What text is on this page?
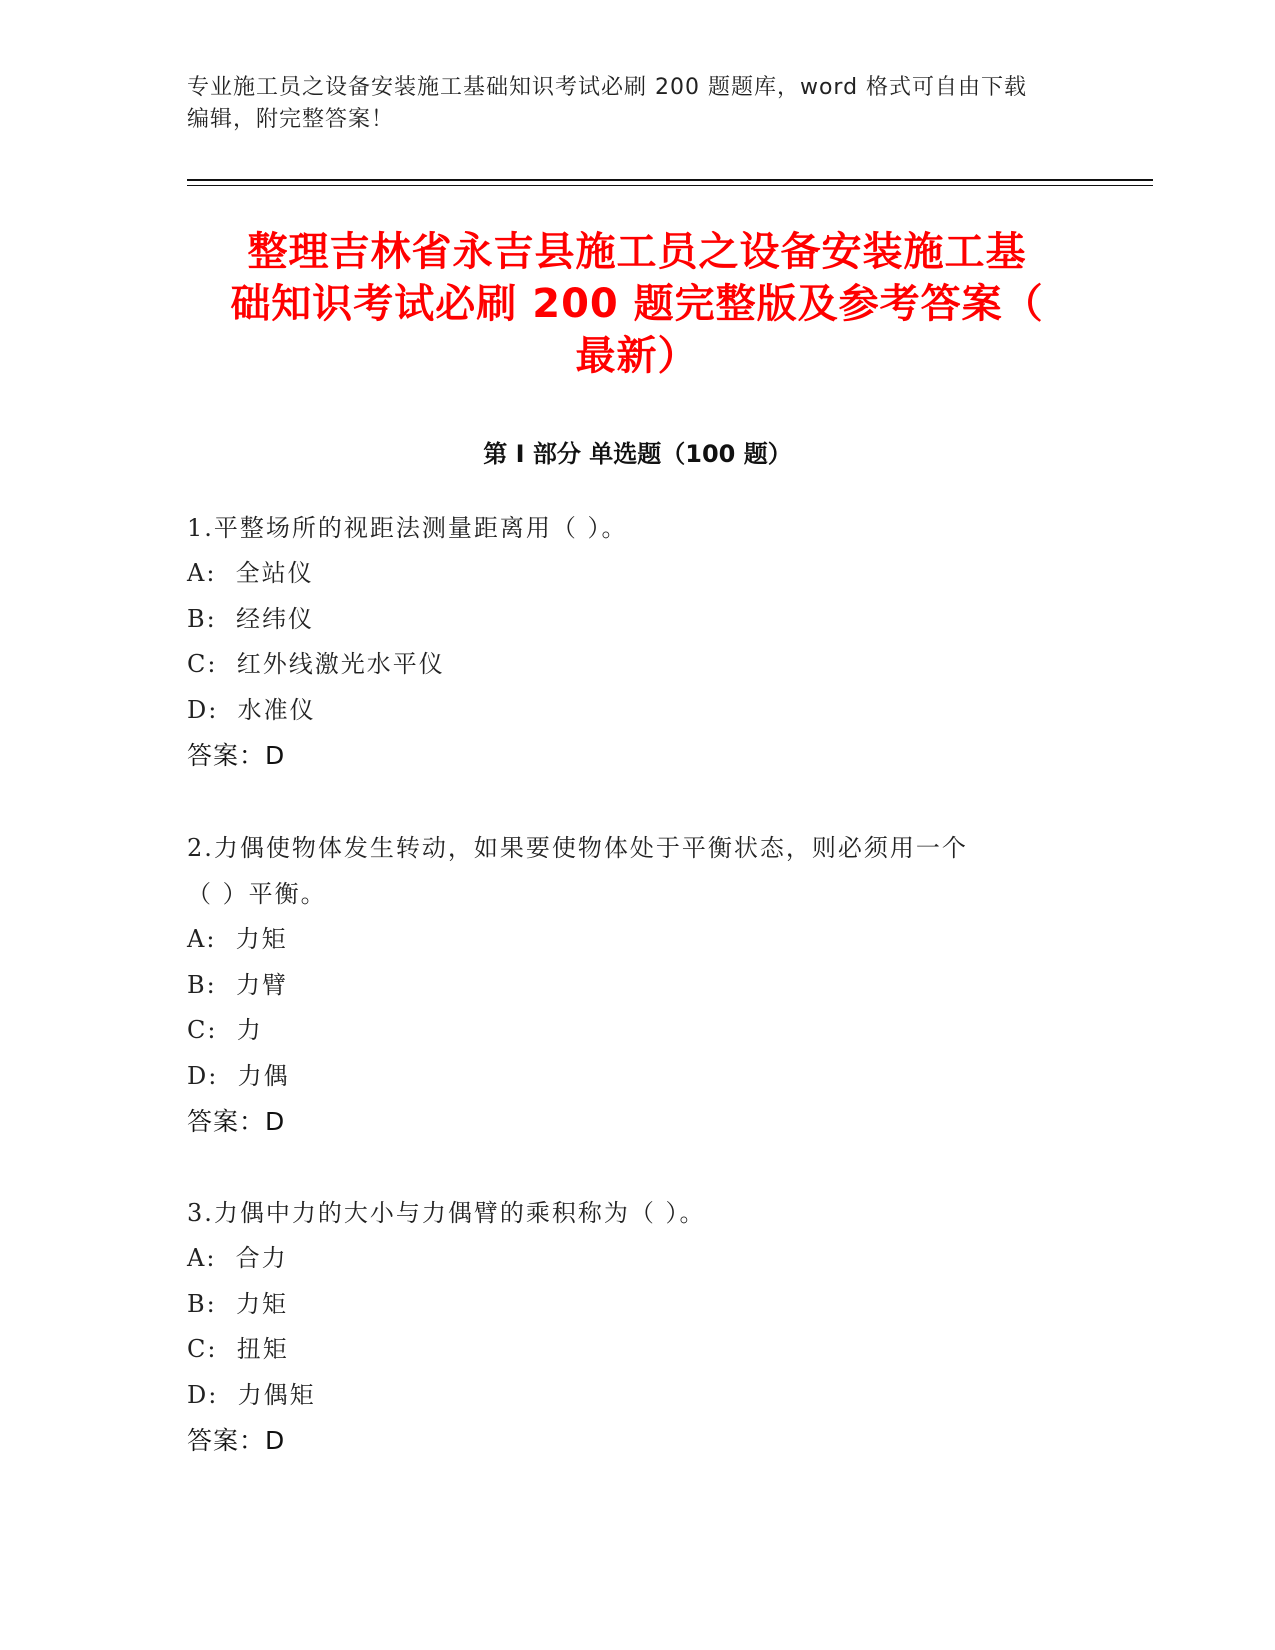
专业施工员之设备安装施工基础知识考试必刷 200 题题库，word 格式可自由下载
编辑，附完整答案！
整理吉林省永吉县施工员之设备安装施工基
础知识考试必刷 200 题完整版及参考答案（
最新）
第 I 部分 单选题（100 题）

1.平整场所的视距法测量距离用（ ）。

A:  全站仪

B:  经纬仪

C:  红外线激光水平仪

D:  水准仪

答案：D

2.力偶使物体发生转动，如果要使物体处于平衡状态，则必须用一个

（ ）平衡。

A:  力矩

B:  力臂

C:  力

D:  力偶

答案：D

3.力偶中力的大小与力偶臂的乘积称为（ ）。

A:  合力

B:  力矩

C:  扭矩

D:  力偶矩

答案：D
